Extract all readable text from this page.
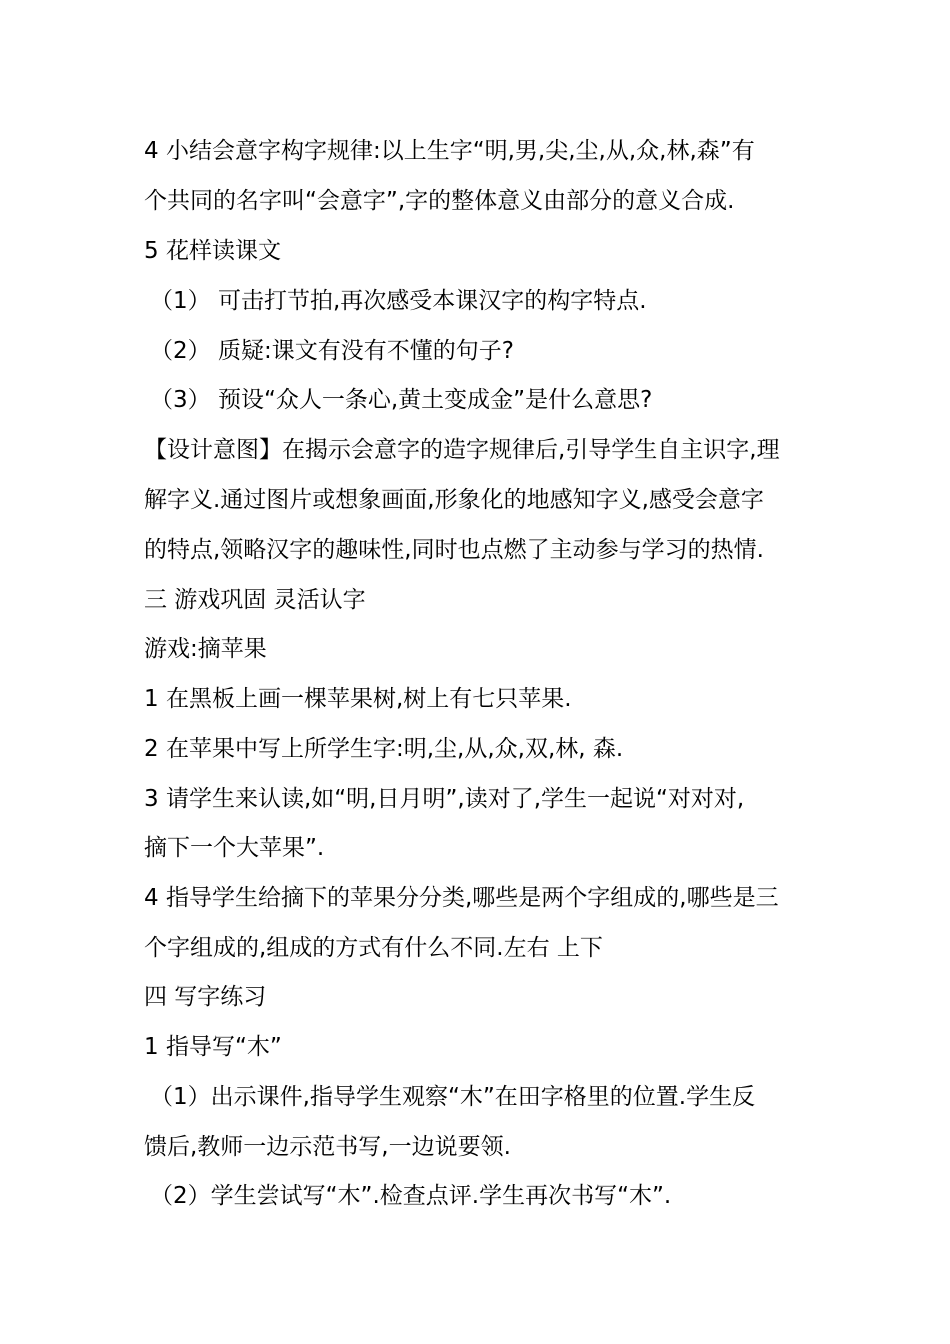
4 小结会意字构字规律:以上生字“明,男,尖,尘,从,众,林,森”有
个共同的名字叫“会意字”,字的整体意义由部分的意义合成.
5 花样读课文
（1） 可击打节拍,再次感受本课汉字的构字特点.
（2） 质疑:课文有没有不懂的句子?
（3） 预设“众人一条心,黄土变成金”是什么意思?
【设计意图】在揭示会意字的造字规律后,引导学生自主识字,理
解字义.通过图片或想象画面,形象化的地感知字义,感受会意字
的特点,领略汉字的趣味性,同时也点燃了主动参与学习的热情.
三 游戏巩固 灵活认字
游戏:摘苹果
1 在黑板上画一棵苹果树,树上有七只苹果.
2 在苹果中写上所学生字:明,尘,从,众,双,林, 森.
3 请学生来认读,如“明,日月明”,读对了,学生一起说“对对对,
摘下一个大苹果”.
4 指导学生给摘下的苹果分分类,哪些是两个字组成的,哪些是三
个字组成的,组成的方式有什么不同.左右 上下
四 写字练习
1 指导写“木”
（1）出示课件,指导学生观察“木”在田字格里的位置.学生反
馈后,教师一边示范书写,一边说要领.
（2）学生尝试写“木”.检查点评.学生再次书写“木”.
